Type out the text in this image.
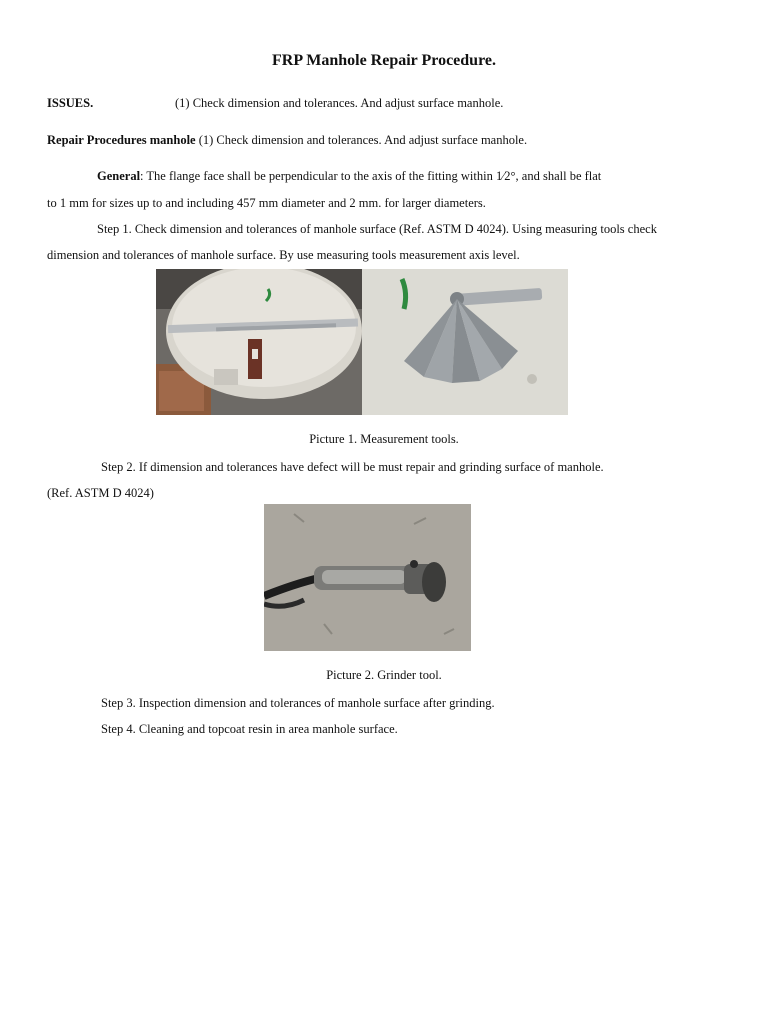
FRP Manhole Repair Procedure.
ISSUES.	(1) Check dimension and tolerances. And adjust surface manhole.
Repair Procedures manhole (1) Check dimension and tolerances. And adjust surface manhole.
General: The flange face shall be perpendicular to the axis of the fitting within 1⁄2°, and shall be flat
to 1 mm for sizes up to and including 457 mm diameter and 2 mm. for larger diameters.
Step 1. Check dimension and tolerances of manhole surface (Ref. ASTM D 4024). Using measuring tools check
dimension and tolerances of manhole surface. By use measuring tools measurement axis level.
Picture 1. Measurement tools.
Step 2. If dimension and tolerances have defect will be must repair and grinding surface of manhole.
(Ref. ASTM D 4024)
Picture 2. Grinder tool.
Step 3. Inspection dimension and tolerances of manhole surface after grinding.
Step 4. Cleaning and topcoat resin in area manhole surface.
